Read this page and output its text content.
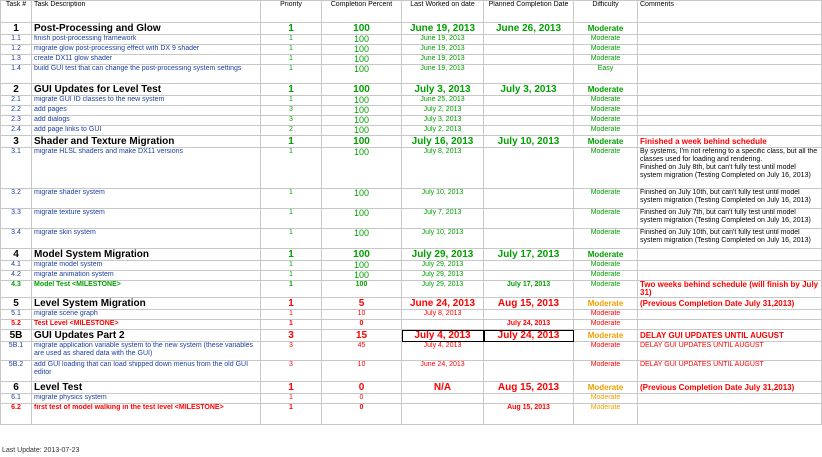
Task #	Task Description	Priority	Completion Percent	Last Worked on date	Planned Completion Date	Difficulty	Comments
1	Post-Processing and Glow	1	100	June 19, 2013	June 26, 2013	Moderate	
1.1	finish post-processing framework	1	100	June 19, 2013		Moderate	
1.2	migrate glow post-processing effect with DX 9 shader	1	100	June 19, 2013		Moderate	
1.3	create DX11 glow shader	1	100	June 19, 2013		Moderate	
1.4	build GUI test that can change the post-processing system settings	1	100	June 19, 2013		Easy	
2	GUI Updates for Level Test	1	100	July 3, 2013	July 3, 2013	Moderate	
2.1	migrate GUI ID classes to the new system	1	100	June 25, 2013		Moderate	
2.2	add pages	3	100	July 2, 2013		Moderate	
2.3	add dialogs	3	100	July 3, 2013		Moderate	
2.4	add page links to GUI	2	100	July 2, 2013		Moderate	
3	Shader and Texture Migration	1	100	July 16, 2013	July 10, 2013	Moderate	Finished a week behind schedule
3.1	migrate HLSL shaders and make DX11 versions	1	100	July 8, 2013		Moderate	By systems, I'm not refering to a specific class, but all the classes used for loading and rendering.
Finished on July 8th, but can't fully test until model system migration (Testing Completed on July 16, 2013)
3.2	migrate shader system	1	100	July 10, 2013		Moderate	Finished on July 10th, but can't fully test until model system migration (Testing Completed on July 16, 2013)
3.3	migrate texture system	1	100	July 7, 2013		Moderate	Finished on July 7th, but can't fully test until model system migration (Testing Completed on July 16, 2013)
3.4	migrate skin system	1	100	July 10, 2013		Moderate	Finished on July 10th, but can't fully test until model system migration (Testing Completed on July 16, 2013)
4	Model System Migration	1	100	July 29, 2013	July 17, 2013	Moderate	
4.1	migrate model system	1	100	July 29, 2013		Moderate	
4.2	migrate animation system	1	100	July 29, 2013		Moderate	
4.3	Model Test <MILESTONE>	1	100	July 29, 2013	July 17, 2013	Moderate	Two weeks behind schedule (will finish by July 31)
5	Level System Migration	1	5	June 24, 2013	Aug 15, 2013	Moderate	(Previous Completion Date July 31,2013)
5.1	migrate scene graph	1	10	July 8, 2013		Moderate	
5.2	Test Level <MILESTONE>	1	0		July 24, 2013	Moderate	
5B	GUI Updates Part 2	3	15	July 4, 2013	July 24, 2013	Moderate	DELAY GUI UPDATES UNTIL AUGUST
5B.1	migrate application variable system to the new system (these variables are used as shared data with the GUI)	3	45	July 4, 2013		Moderate	DELAY GUI UPDATES UNTIL AUGUST
5B.2	add GUI loading that can load shipped down menus from the old GUI editor	3	10	June 24, 2013		Moderate	DELAY GUI UPDATES UNTIL AUGUST
6	Level Test	1	0	N/A	Aug 15, 2013	Moderate	(Previous Completion Date July 31,2013)
6.1	migrate physics system	1	0			Moderate	
6.2	first test of model walking in the test level <MILESTONE>	1	0		Aug 15, 2013	Moderate	
Last Update: 2013-07-23
